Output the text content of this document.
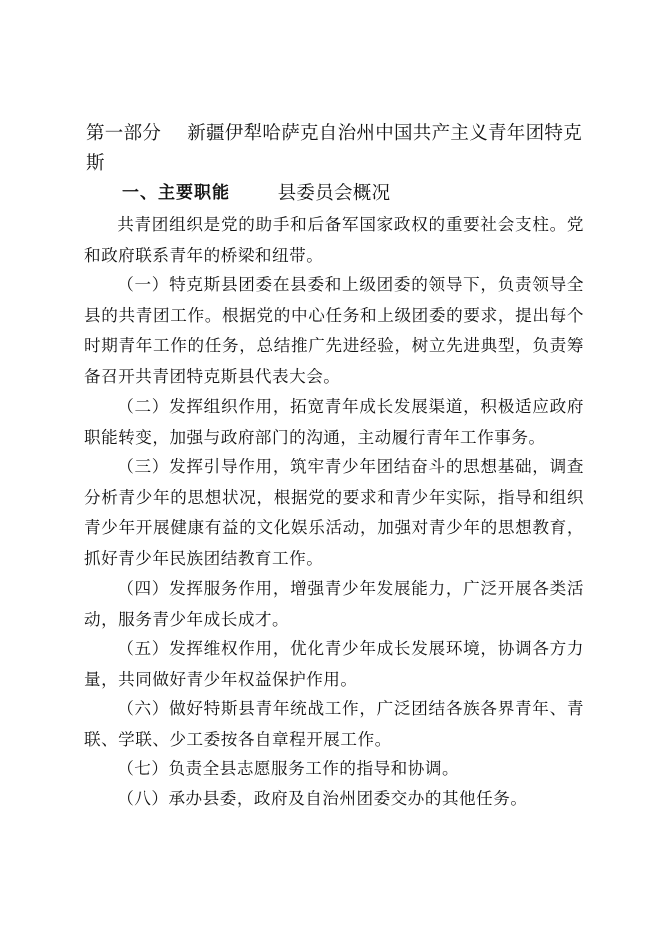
第一部分 新疆伊犁哈萨克自治州中国共产主义青年团特克斯
县委员会概况
一、主要职能

共青团组织是党的助手和后备军国家政权的重要社会支柱。党和政府联系青年的桥梁和纽带。

（一）特克斯县团委在县委和上级团委的领导下，负责领导全县的共青团工作。根据党的中心任务和上级团委的要求，提出每个时期青年工作的任务，总结推广先进经验，树立先进典型，负责筹备召开共青团特克斯县代表大会。

（二）发挥组织作用，拓宽青年成长发展渠道，积极适应政府职能转变，加强与政府部门的沟通，主动履行青年工作事务。

（三）发挥引导作用，筑牢青少年团结奋斗的思想基础，调查分析青少年的思想状况，根据党的要求和青少年实际，指导和组织青少年开展健康有益的文化娱乐活动，加强对青少年的思想教育，抓好青少年民族团结教育工作。

（四）发挥服务作用，增强青少年发展能力，广泛开展各类活动，服务青少年成长成才。

（五）发挥维权作用，优化青少年成长发展环境，协调各方力量，共同做好青少年权益保护作用。

（六）做好特斯县青年统战工作，广泛团结各族各界青年、青联、学联、少工委按各自章程开展工作。

（七）负责全县志愿服务工作的指导和协调。

（八）承办县委，政府及自治州团委交办的其他任务。
